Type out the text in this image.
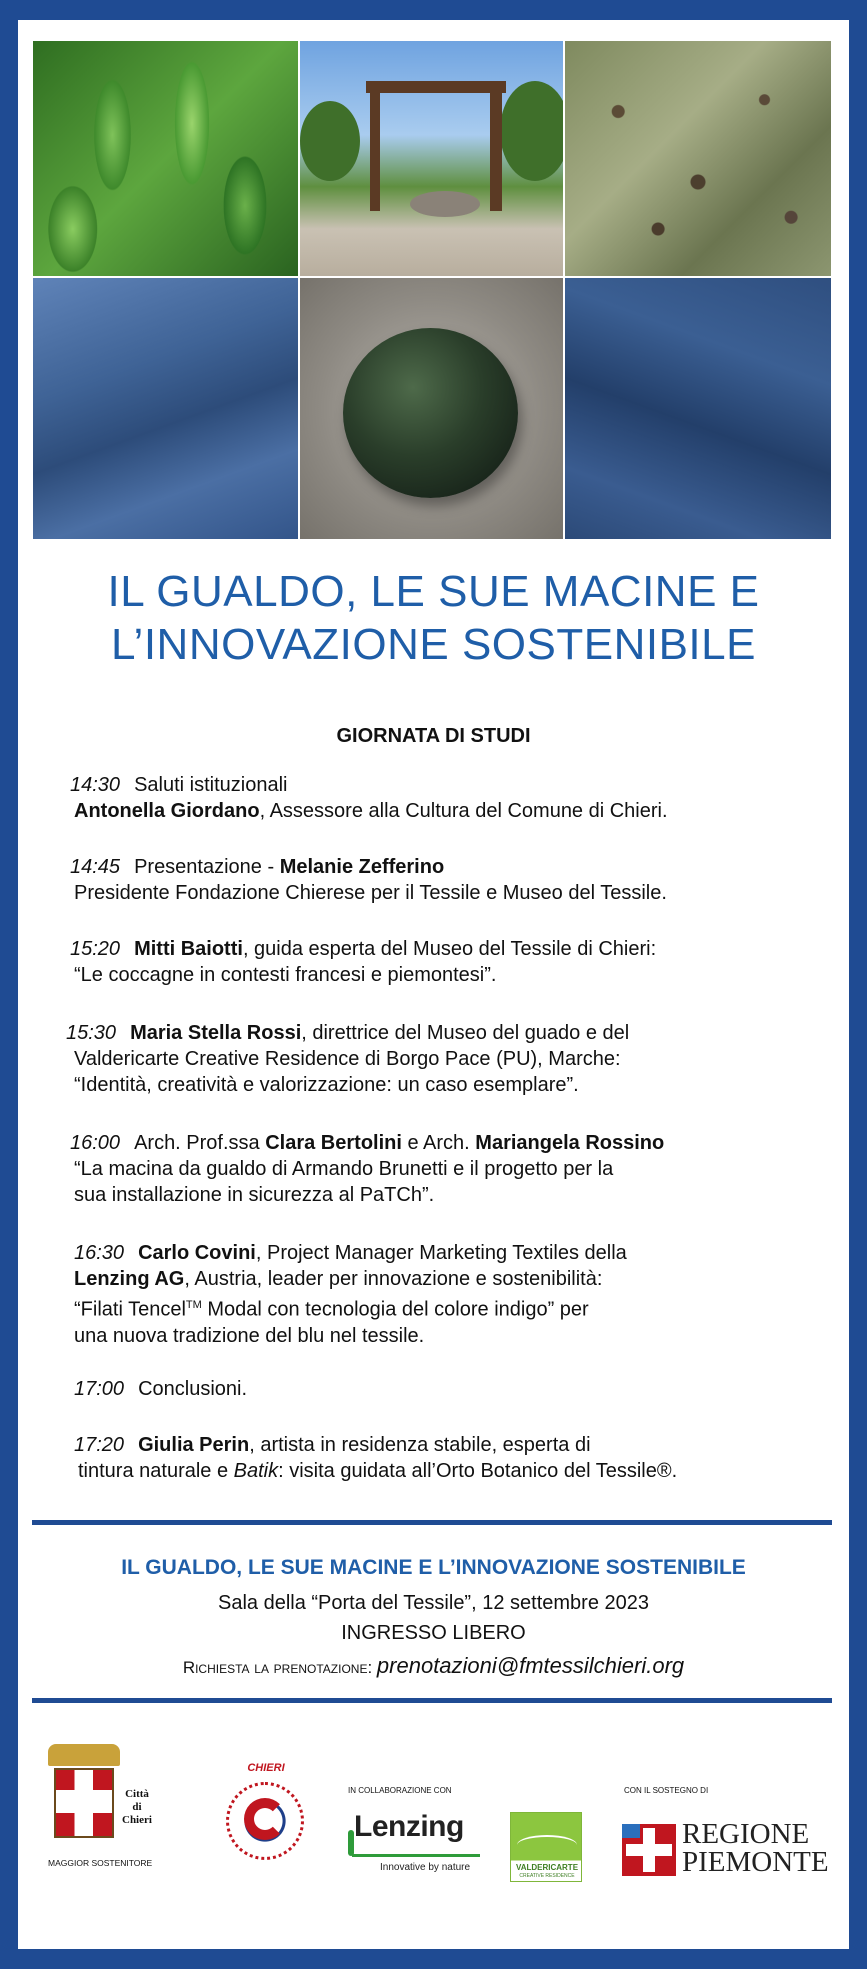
IL GUALDO, LE SUE MACINE E
L’INNOVAZIONE SOSTENIBILE
GIORNATA DI STUDI

14:30 Saluti istituzionali

Antonella Giordano, Assessore alla Cultura del Comune di Chieri.

14:45 Presentazione - Melanie Zefferino

Presidente Fondazione Chierese per il Tessile e Museo del Tessile.

15:20 Mitti Baiotti, guida esperta del Museo del Tessile di Chieri:

“Le coccagne in contesti francesi e piemontesi”.

15:30 Maria Stella Rossi, direttrice del Museo del guado e del

Valdericarte Creative Residence di Borgo Pace (PU), Marche:

“Identità, creatività e valorizzazione: un caso esemplare”.

16:00 Arch. Prof.ssa Clara Bertolini e Arch. Mariangela Rossino

“La macina da gualdo di Armando Brunetti e il progetto per la

sua installazione in sicurezza al PaTCh”.

16:30 Carlo Covini, Project Manager Marketing Textiles della

Lenzing AG, Austria, leader per innovazione e sostenibilità:

“Filati Tencel™ Modal con tecnologia del colore indigo” per

una nuova tradizione del blu nel tessile.

17:00 Conclusioni.

17:20 Giulia Perin, artista in residenza stabile, esperta di

tintura naturale e Batik: visita guidata all’Orto Botanico del Tessile®.

IL GUALDO, LE SUE MACINE E L’INNOVAZIONE SOSTENIBILE
Sala della “Porta del Tessile”, 12 settembre 2023
INGRESSO LIBERO
Richiesta la prenotazione: prenotazioni@fmtessilchieri.org
Città
di
Chieri
MAGGIOR SOSTENITORE
CHIERI
IN COLLABORAZIONE CON
Lenzing
Innovative by nature	VALDERICARTE
CREATIVE RESIDENCE
CON IL SOSTEGNO DI
REGIONE
PIEMONTE
